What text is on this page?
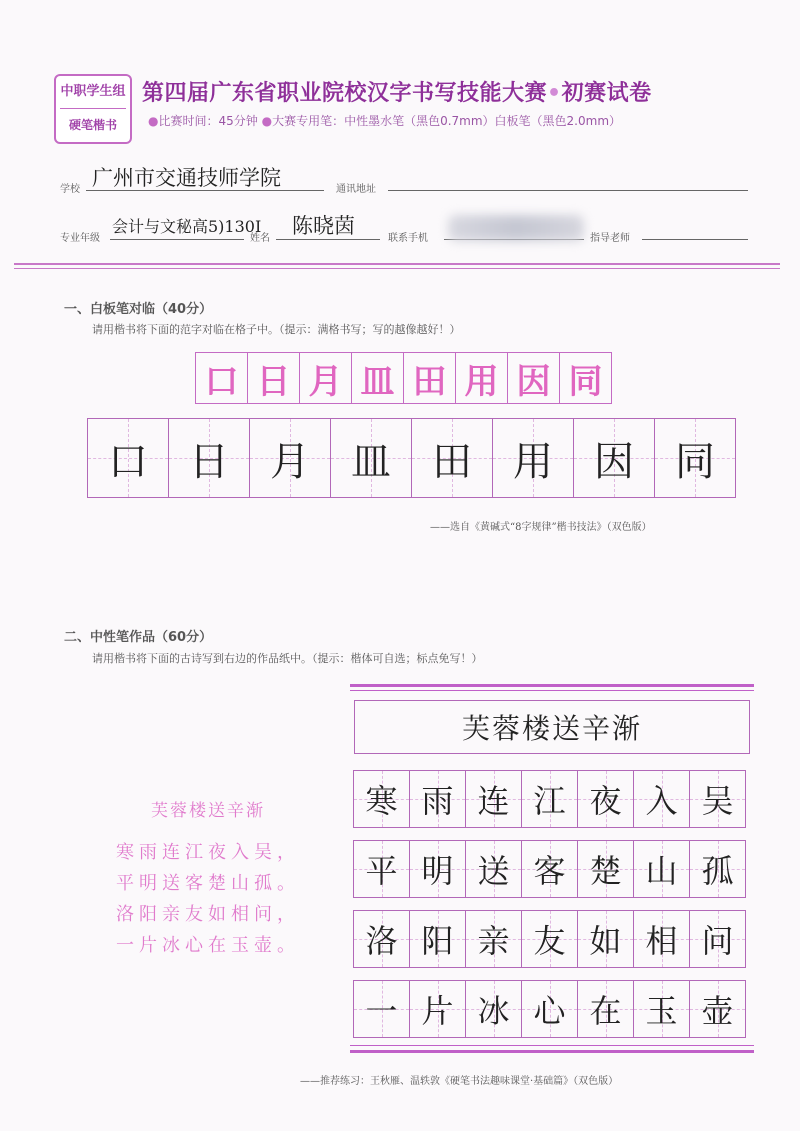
中职学生组
硬笔楷书
第四届广东省职业院校汉字书写技能大赛•初赛试卷
●比赛时间：45分钟 ●大赛专用笔：中性墨水笔（黑色0.7mm）白板笔（黑色2.0mm）
学校 广州市交通技师学院	通讯地址
专业年级
会计与文秘高5)130I
姓名
陈晓茵
联系手机	指导老师
一、白板笔对临（40分）
请用楷书将下面的范字对临在格子中。（提示：满格书写；写的越像越好！）
口 日 月 皿 田 用 因 同
口 日 月 皿 田 用 因 同
——选自《黄碱式“8字规律”楷书技法》（双色版）
二、中性笔作品（60分）
请用楷书将下面的古诗写到右边的作品纸中。（提示：楷体可自选；标点免写！）
芙蓉楼送辛渐
寒雨连江夜入吴，
平明送客楚山孤。
洛阳亲友如相问，
一片冰心在玉壶。
芙蓉楼送辛渐
寒 雨 连 江 夜 入 吴
平 明 送 客 楚 山 孤
洛 阳 亲 友 如 相 问
一 片 冰 心 在 玉 壶
——推荐练习：王秋雁、温轶敦《硬笔书法趣味课堂·基础篇》（双色版）
